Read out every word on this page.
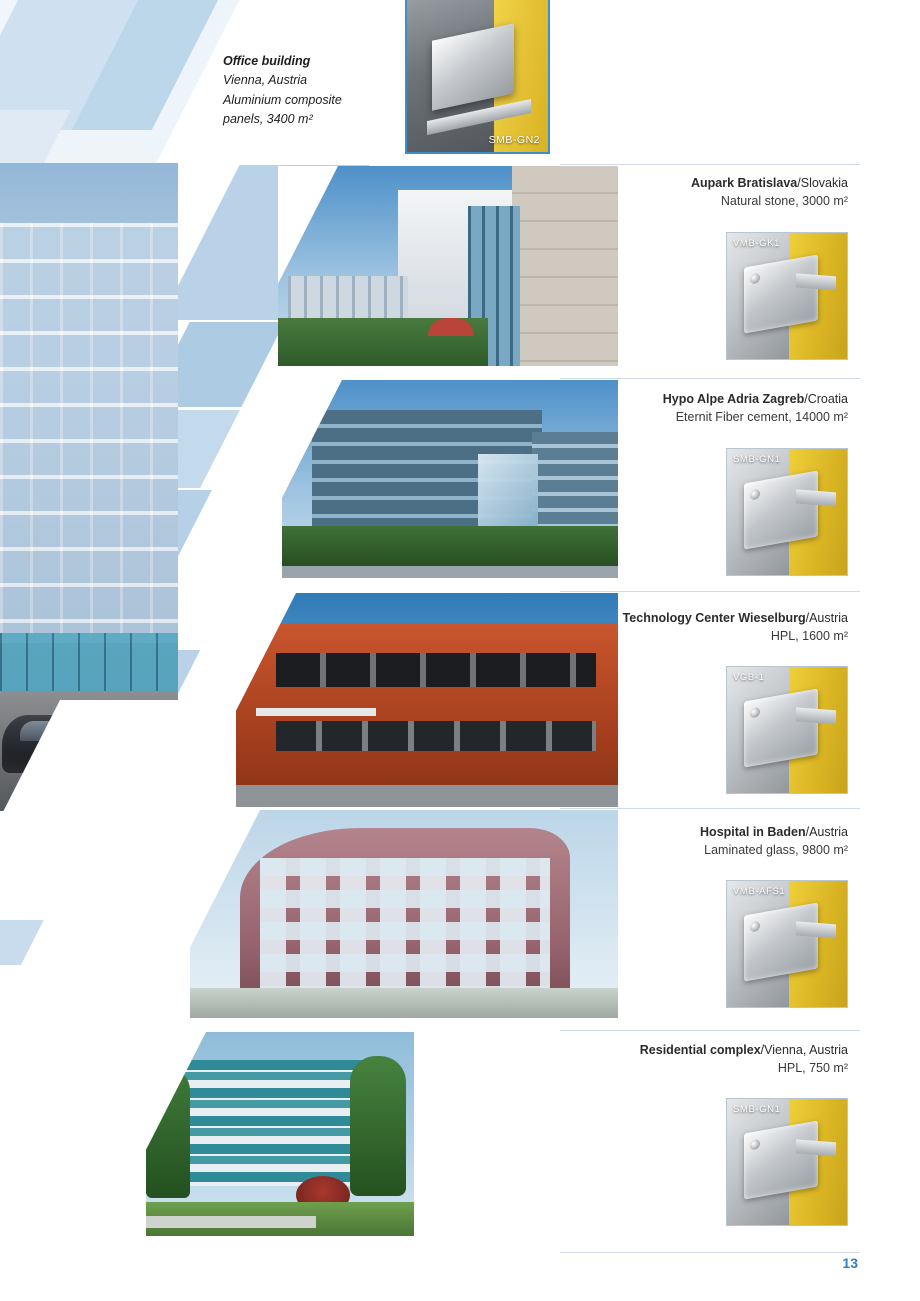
Office building
Vienna, Austria
Aluminium composite
panels, 3400 m²
SMB-GN2
Aupark Bratislava/Slovakia
Natural stone, 3000 m²
VMB-GK1
Hypo Alpe Adria Zagreb/Croatia
Eternit Fiber cement, 14000 m²
SMB-GN1
Technology Center Wieselburg/Austria
HPL, 1600 m²
VGB-1
Hospital in Baden/Austria
Laminated glass, 9800 m²
VMB-AFS1
Residential complex/Vienna, Austria
HPL, 750 m²
SMB-GN1
13
